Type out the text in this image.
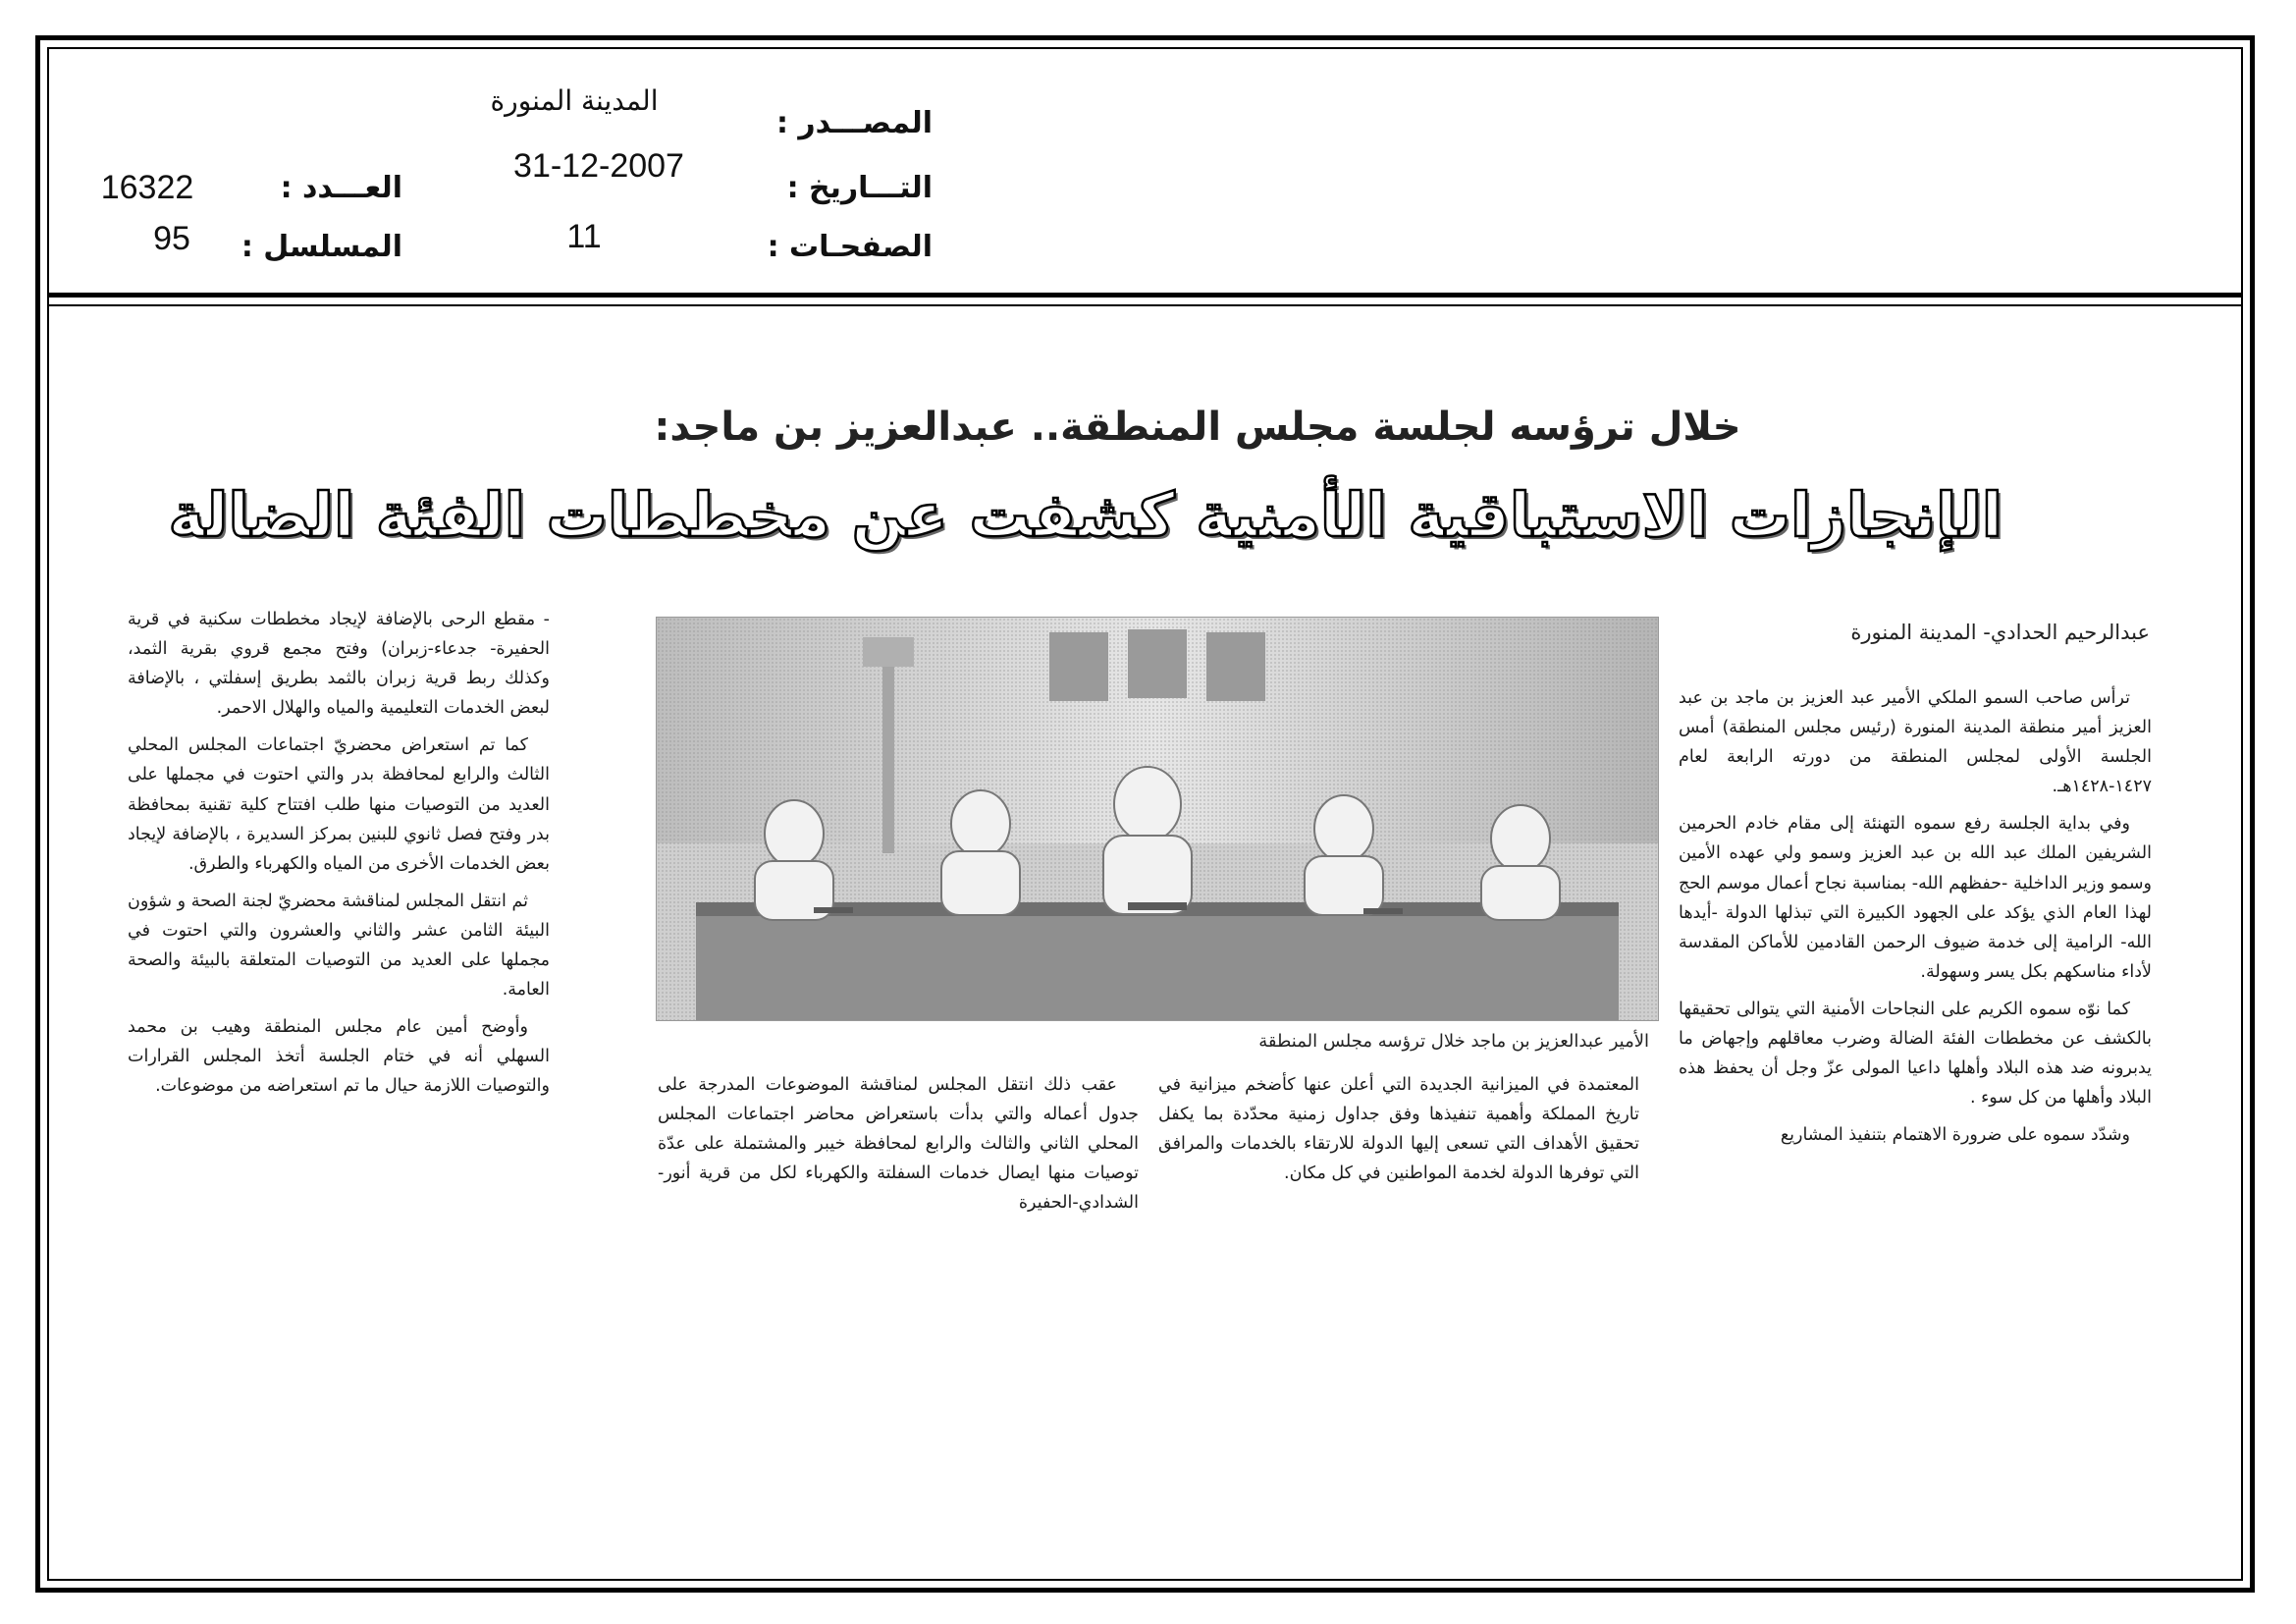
المصـــدر :
المدينة المنورة
التـــاريخ :
31-12-2007
الصفحـات :
11
العـــدد :
16322
المسلسل :
95
خلال ترؤسه لجلسة مجلس المنطقة.. عبدالعزيز بن ماجد:
الإنجازات الاستباقية الأمنية كشفت عن مخططات الفئة الضالة
عبدالرحيم الحدادي- المدينة المنورة

ترأس صاحب السمو الملكي الأمير عبد العزيز بن ماجد بن عبد العزيز أمير منطقة المدينة المنورة (رئيس مجلس المنطقة) أمس الجلسة الأولى لمجلس المنطقة من دورته الرابعة لعام ١٤٢٧-١٤٢٨هـ.

وفي بداية الجلسة رفع سموه التهنئة إلى مقام خادم الحرمين الشريفين الملك عبد الله بن عبد العزيز وسمو ولي عهده الأمين وسمو وزير الداخلية -حفظهم الله- بمناسبة نجاح أعمال موسم الحج لهذا العام الذي يؤكد على الجهود الكبيرة التي تبذلها الدولة -أيدها الله- الرامية إلى خدمة ضيوف الرحمن القادمين للأماكن المقدسة لأداء مناسكهم بكل يسر وسهولة.

كما نوّه سموه الكريم على النجاحات الأمنية التي يتوالى تحقيقها بالكشف عن مخططات الفئة الضالة وضرب معاقلهم وإجهاض ما يدبرونه ضد هذه البلاد وأهلها داعيا المولى عزّ وجل أن يحفظ هذه البلاد وأهلها من كل سوء .

وشدّد سموه على ضرورة الاهتمام بتنفيذ المشاريع

الأمير عبدالعزيز بن ماجد خلال ترؤسه مجلس المنطقة

المعتمدة في الميزانية الجديدة التي أعلن عنها كأضخم ميزانية في تاريخ المملكة وأهمية تنفيذها وفق جداول زمنية محدّدة بما يكفل تحقيق الأهداف التي تسعى إليها الدولة للارتقاء بالخدمات والمرافق التي توفرها الدولة لخدمة المواطنين في كل مكان.

عقب ذلك انتقل المجلس لمناقشة الموضوعات المدرجة على جدول أعماله والتي بدأت باستعراض محاضر اجتماعات المجلس المحلي الثاني والثالث والرابع لمحافظة خيبر والمشتملة على عدّة توصيات منها ايصال خدمات السفلتة والكهرباء لكل من قرية أنور-الشدادي-الحفيرة

- مقطع الرحى بالإضافة لإيجاد مخططات سكنية في قرية الحفيرة- جدعاء-زبران) وفتح مجمع قروي بقرية الثمد، وكذلك ربط قرية زبران بالثمد بطريق إسفلتي ، بالإضافة لبعض الخدمات التعليمية والمياه والهلال الاحمر.

كما تم استعراض محضريّ اجتماعات المجلس المحلي الثالث والرابع لمحافظة بدر والتي احتوت في مجملها على العديد من التوصيات منها طلب افتتاح كلية تقنية بمحافظة بدر وفتح فصل ثانوي للبنين بمركز السديرة ، بالإضافة لإيجاد بعض الخدمات الأخرى من المياه والكهرباء والطرق.

ثم انتقل المجلس لمناقشة محضريّ لجنة الصحة و شؤون البيئة الثامن عشر والثاني والعشرون والتي احتوت في مجملها على العديد من التوصيات المتعلقة بالبيئة والصحة العامة.

وأوضح أمين عام مجلس المنطقة وهيب بن محمد السهلي أنه في ختام الجلسة أتخذ المجلس القرارات والتوصيات اللازمة حيال ما تم استعراضه من موضوعات.
